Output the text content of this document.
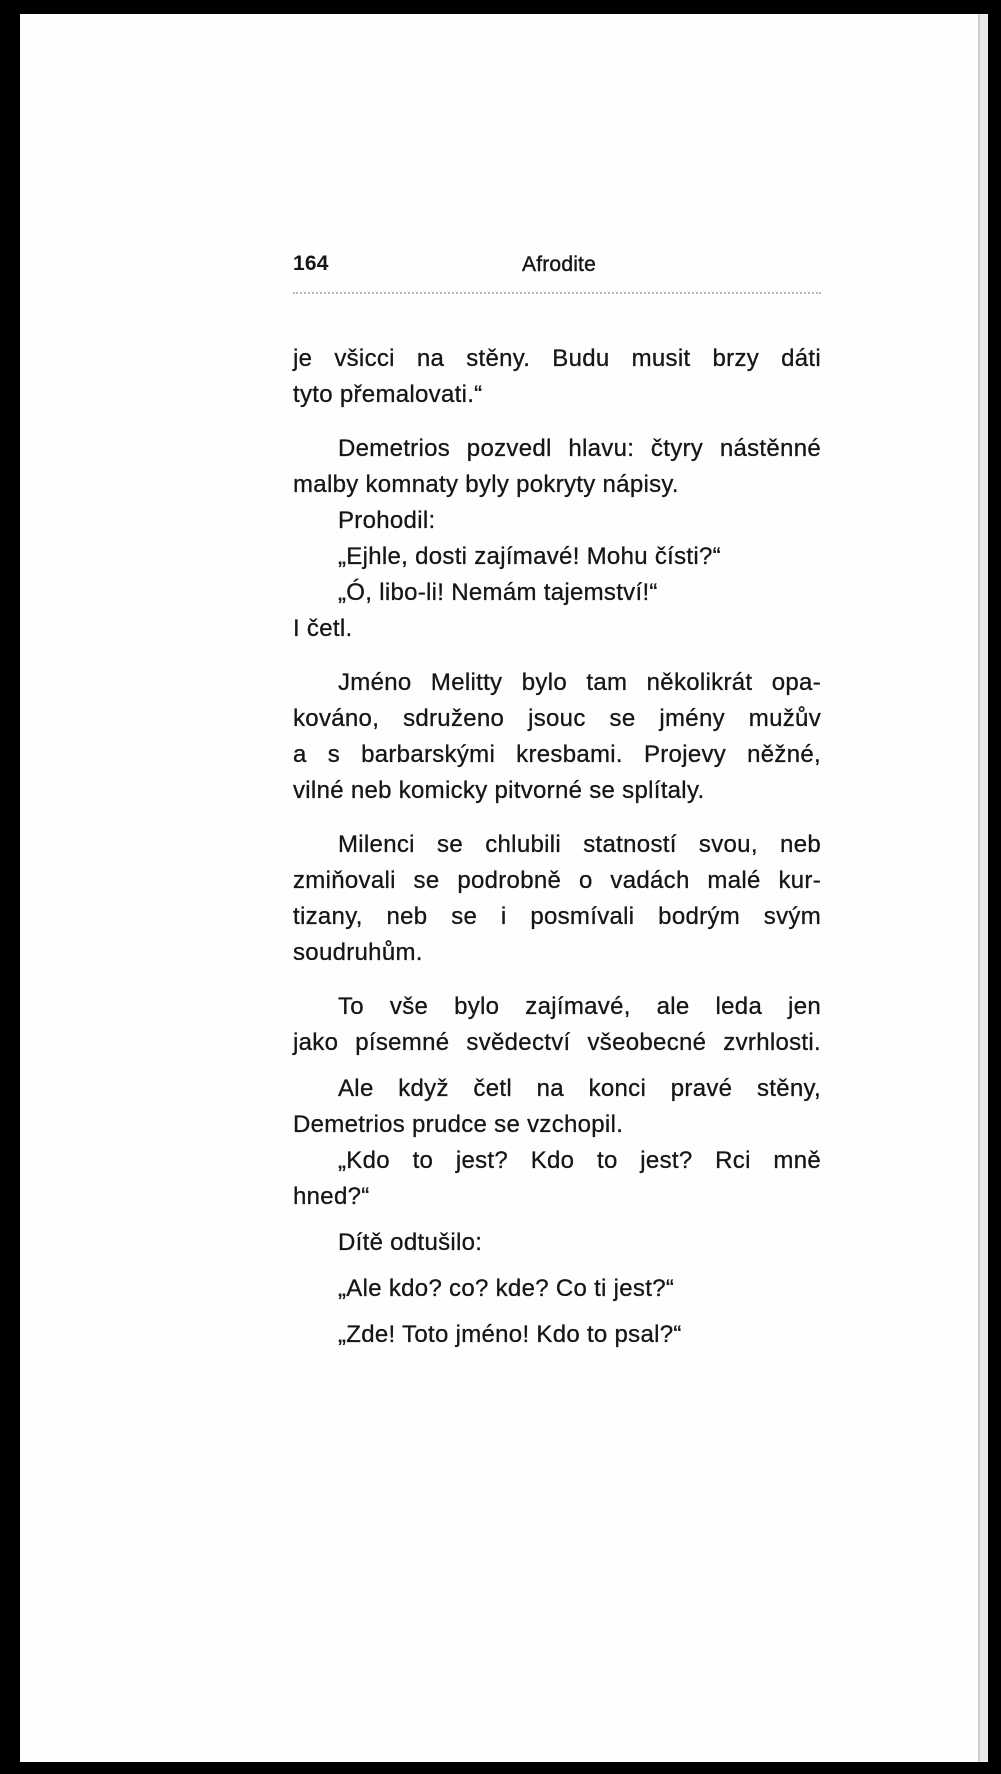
164	Afrodite
je všicci na stěny. Budu musit brzy dáti
tyto přemalovati.“
Demetrios pozvedl hlavu: čtyry nástěnné
malby komnaty byly pokryty nápisy.
Prohodil:
„Ejhle, dosti zajímavé! Mohu čísti?“
„Ó, libo-li! Nemám tajemství!“
I četl.
Jméno Melitty bylo tam několikrát opa-
kováno, sdruženo jsouc se jmény mužův
a s barbarskými kresbami. Projevy něžné,
vilné neb komicky pitvorné se splítaly.
Milenci se chlubili statností svou, neb
zmiňovali se podrobně o vadách malé kur-
tizany, neb se i posmívali bodrým svým
soudruhům.
To vše bylo zajímavé, ale leda jen
jako písemné svědectví všeobecné zvrhlosti.
Ale když četl na konci pravé stěny,
Demetrios prudce se vzchopil.
„Kdo to jest? Kdo to jest? Rci mně
hned?“
Dítě odtušilo:
„Ale kdo? co? kde? Co ti jest?“
„Zde! Toto jméno! Kdo to psal?“
